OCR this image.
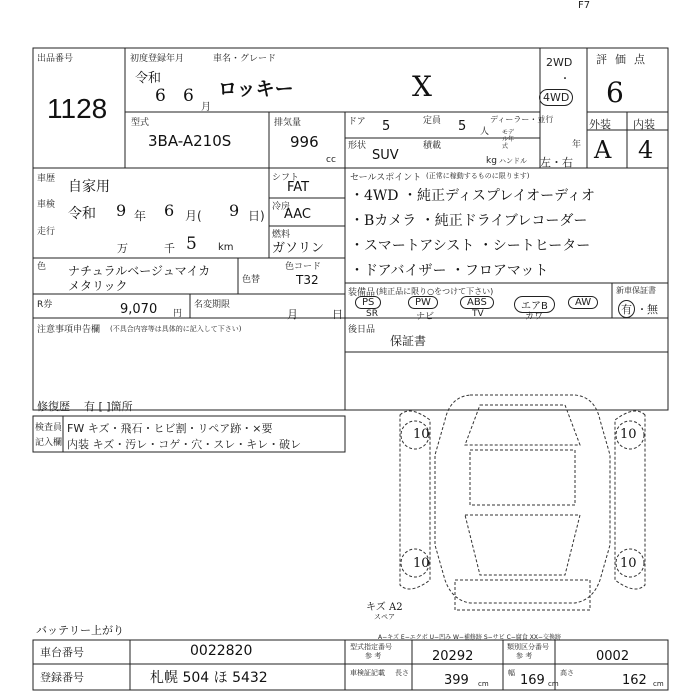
F7
出品番号
1128
初度登録年月
令和
6 6
月
車名・グレード
ロッキー	X
2WD
・
4WD
評価点
6
型式
3BA-A210S
排気量
996
cc
ドア 5	定員 5 人
ディーラー・並行
モデル年式	年
形状
SUV
積載
kg ハンドル 左・右
外装 内装
A 4
車歴 自家用
車検
令和 9 年 6 月( 9 日)
走行
万	千 5 km
シフト
FAT
冷房
AAC
燃料
ガソリン
色 ナチュラルベージュマイカ
メタリック	色替
色コード
T32
R券	9,070 円
名変期限
月	日
注意事項申告欄 (不具合内容等は具体的に記入して下さい)
修復歴 有 [ ]箇所
検査員
記入欄
FW キズ・飛石・ヒビ割・リペア跡・×要
内装 キズ・汚レ・コゲ・穴・スレ・キレ・破レ
セールスポイント (正常に稼動するものに限ります)
・4WD ・純正ディスプレイオーディオ
・Bカメラ ・純正ドライブレコーダー
・スマートアシスト ・シートヒーター
・ドアバイザー ・フロアマット
装備品 (純正品に限り○をつけて下さい)
PS
SR
PW
ナビ
ABS
TV
エアB
カワ
AW
新車保証書
有 ・ 無
後日品
保証書
10	10
10	10
キズ A2
スペア
A−キズ E−エクボ U−凹み W−補修跡 S−サビ C−腐食 XX−交換跡
バッテリー上がり
車台番号	0022820
登録番号	札幌 504 ほ 5432
型式指定番号
参 考	20292
類別区分番号
参 考	0002
車検証記載 長さ	399 cm
幅 169 cm
高さ	162 cm
